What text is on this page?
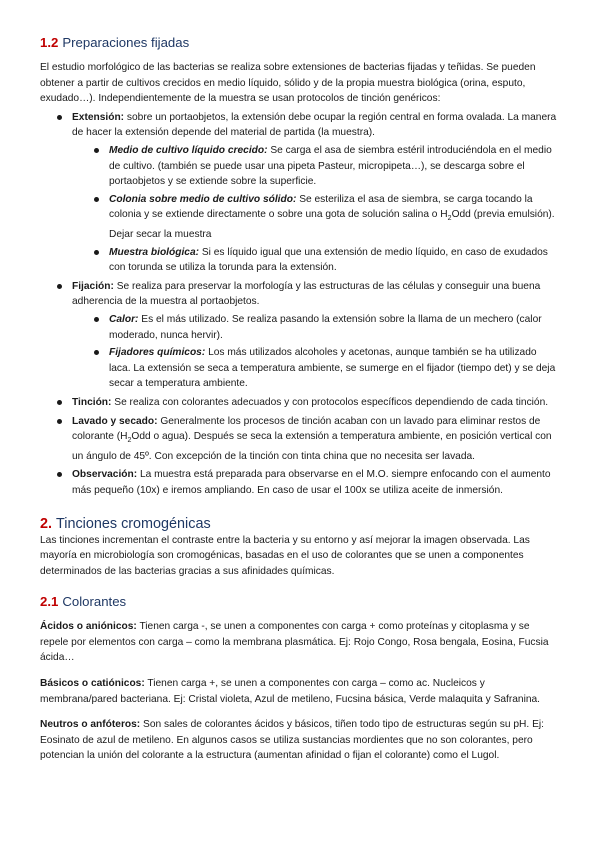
1.2 Preparaciones fijadas

El estudio morfológico de las bacterias se realiza sobre extensiones de bacterias fijadas y teñidas. Se pueden obtener a partir de cultivos crecidos en medio líquido, sólido y de la propia muestra biológica (orina, esputo, exudado…). Independientemente de la muestra se usan protocolos de tinción genéricos:

Extensión: sobre un portaobjetos, la extensión debe ocupar la región central en forma ovalada. La manera de hacer la extensión depende del material de partida (la muestra).
Medio de cultivo líquido crecido: Se carga el asa de siembra estéril introduciéndola en el medio de cultivo. (también se puede usar una pipeta Pasteur, micropipeta…), se descarga sobre el portaobjetos y se extiende sobre la superficie.
Colonia sobre medio de cultivo sólido: Se esteriliza el asa de siembra, se carga tocando la colonia y se extiende directamente o sobre una gota de solución salina o $H_2Odd$ (previa emulsión). Dejar secar la muestra
Muestra biológica: Si es líquido igual que una extensión de medio líquido, en caso de exudados con torunda se utiliza la torunda para la extensión.
Fijación: Se realiza para preservar la morfología y las estructuras de las células y conseguir una buena adherencia de la muestra al portaobjetos.
Calor: Es el más utilizado. Se realiza pasando la extensión sobre la llama de un mechero (calor moderado, nunca hervir).
Fijadores químicos: Los más utilizados alcoholes y acetonas, aunque también se ha utilizado laca. La extensión se seca a temperatura ambiente, se sumerge en el fijador (tiempo det) y se deja secar a temperatura ambiente.
Tinción: Se realiza con colorantes adecuados y con protocolos específicos dependiendo de cada tinción.
Lavado y secado: Generalmente los procesos de tinción acaban con un lavado para eliminar restos de colorante ($H_2Odd$ o agua). Después se seca la extensión a temperatura ambiente, en posición vertical con un ángulo de 45º. Con excepción de la tinción con tinta china que no necesita ser lavada.
Observación: La muestra está preparada para observarse en el M.O. siempre enfocando con el aumento más pequeño (10x) e iremos ampliando. En caso de usar el 100x se utiliza aceite de inmersión.
2. Tinciones cromogénicas

Las tinciones incrementan el contraste entre la bacteria y su entorno y así mejorar la imagen observada. Las mayoría en microbiología son cromogénicas, basadas en el uso de colorantes que se unen a componentes determinados de las bacterias gracias a sus afinidades químicas.

2.1 Colorantes

Ácidos o aniónicos: Tienen carga -, se unen a componentes con carga + como proteínas y citoplasma y se repele por elementos con carga – como la membrana plasmática. Ej: Rojo Congo, Rosa bengala, Eosina, Fucsia ácida…

Básicos o catiónicos: Tienen carga +, se unen a componentes con carga – como ac. Nucleicos y membrana/pared bacteriana. Ej: Cristal violeta, Azul de metileno, Fucsina básica, Verde malaquita y Safranina.

Neutros o anfóteros: Son sales de colorantes ácidos y básicos, tiñen todo tipo de estructuras según su pH. Ej: Eosinato de azul de metileno. En algunos casos se utiliza sustancias mordientes que no son colorantes, pero potencian la unión del colorante a la estructura (aumentan afinidad o fijan el colorante) como el Lugol.
